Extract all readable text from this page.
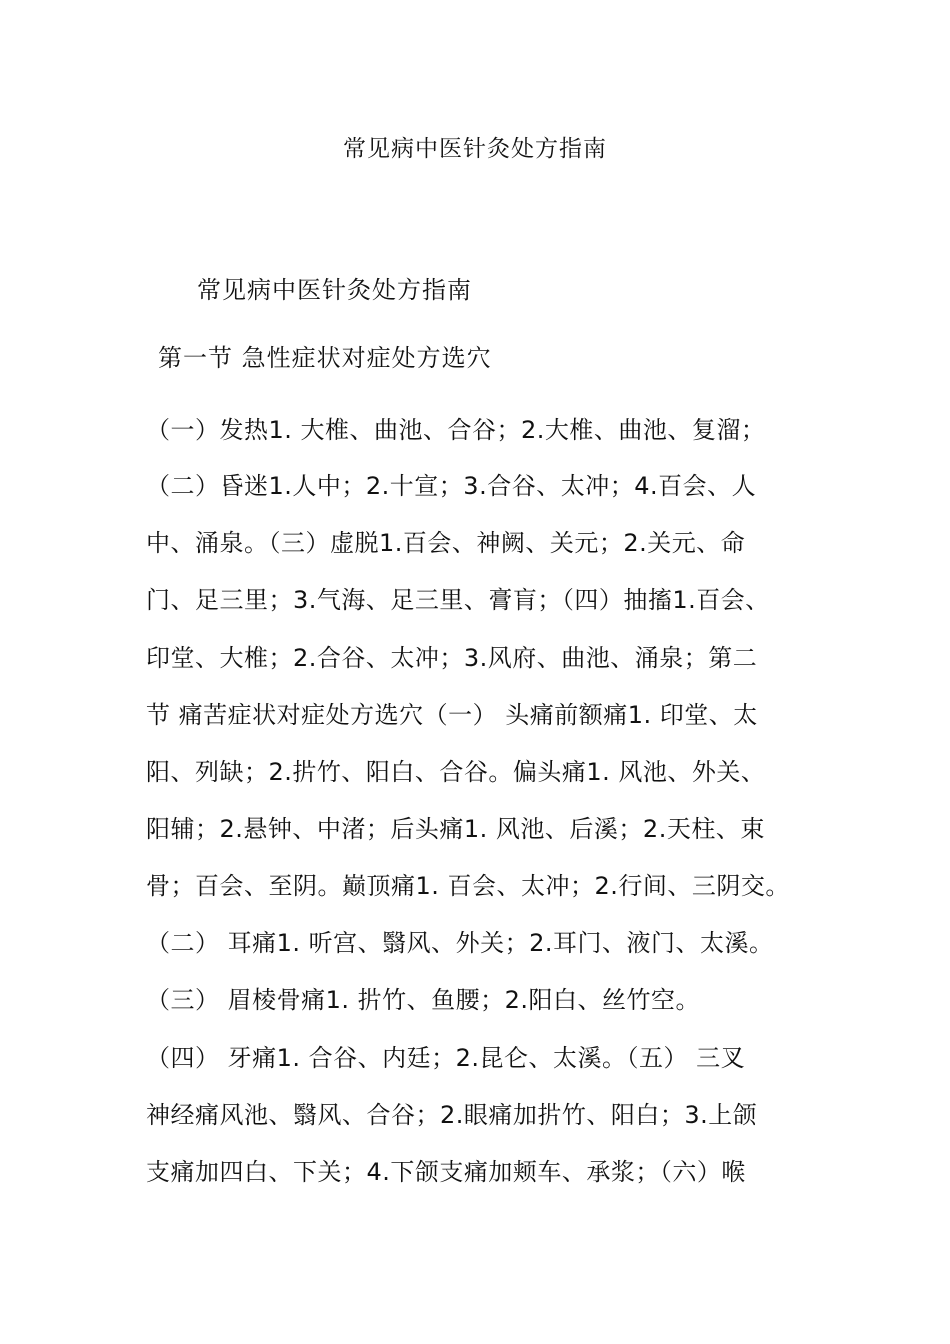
常见病中医针灸处方指南
常见病中医针灸处方指南
第一节 急性症状对症处方选穴
（一）发热1. 大椎、曲池、合谷；2.大椎、曲池、复溜；
（二）昏迷1.人中；2.十宣；3.合谷、太冲；4.百会、人
中、涌泉。（三）虚脱1.百会、神阙、关元；2.关元、命
门、足三里；3.气海、足三里、膏肓；（四）抽搐1.百会、
印堂、大椎；2.合谷、太冲；3.风府、曲池、涌泉；第二
节 痛苦症状对症处方选穴（一） 头痛前额痛1. 印堂、太
阳、列缺；2.扸竹、阳白、合谷。偏头痛1. 风池、外关、
阳辅；2.悬钟、中渚；后头痛1. 风池、后溪；2.天柱、束
骨；百会、至阴。巅顶痛1. 百会、太冲；2.行间、三阴交。
（二） 耳痛1. 听宫、翳风、外关；2.耳门、液门、太溪。
（三） 眉棱骨痛1. 扸竹、鱼腰；2.阳白、丝竹空。
（四） 牙痛1. 合谷、内廷；2.昆仑、太溪。（五） 三叉
神经痛风池、翳风、合谷；2.眼痛加扸竹、阳白；3.上颌
支痛加四白、下关；4.下颌支痛加颊车、承浆；（六）喉
